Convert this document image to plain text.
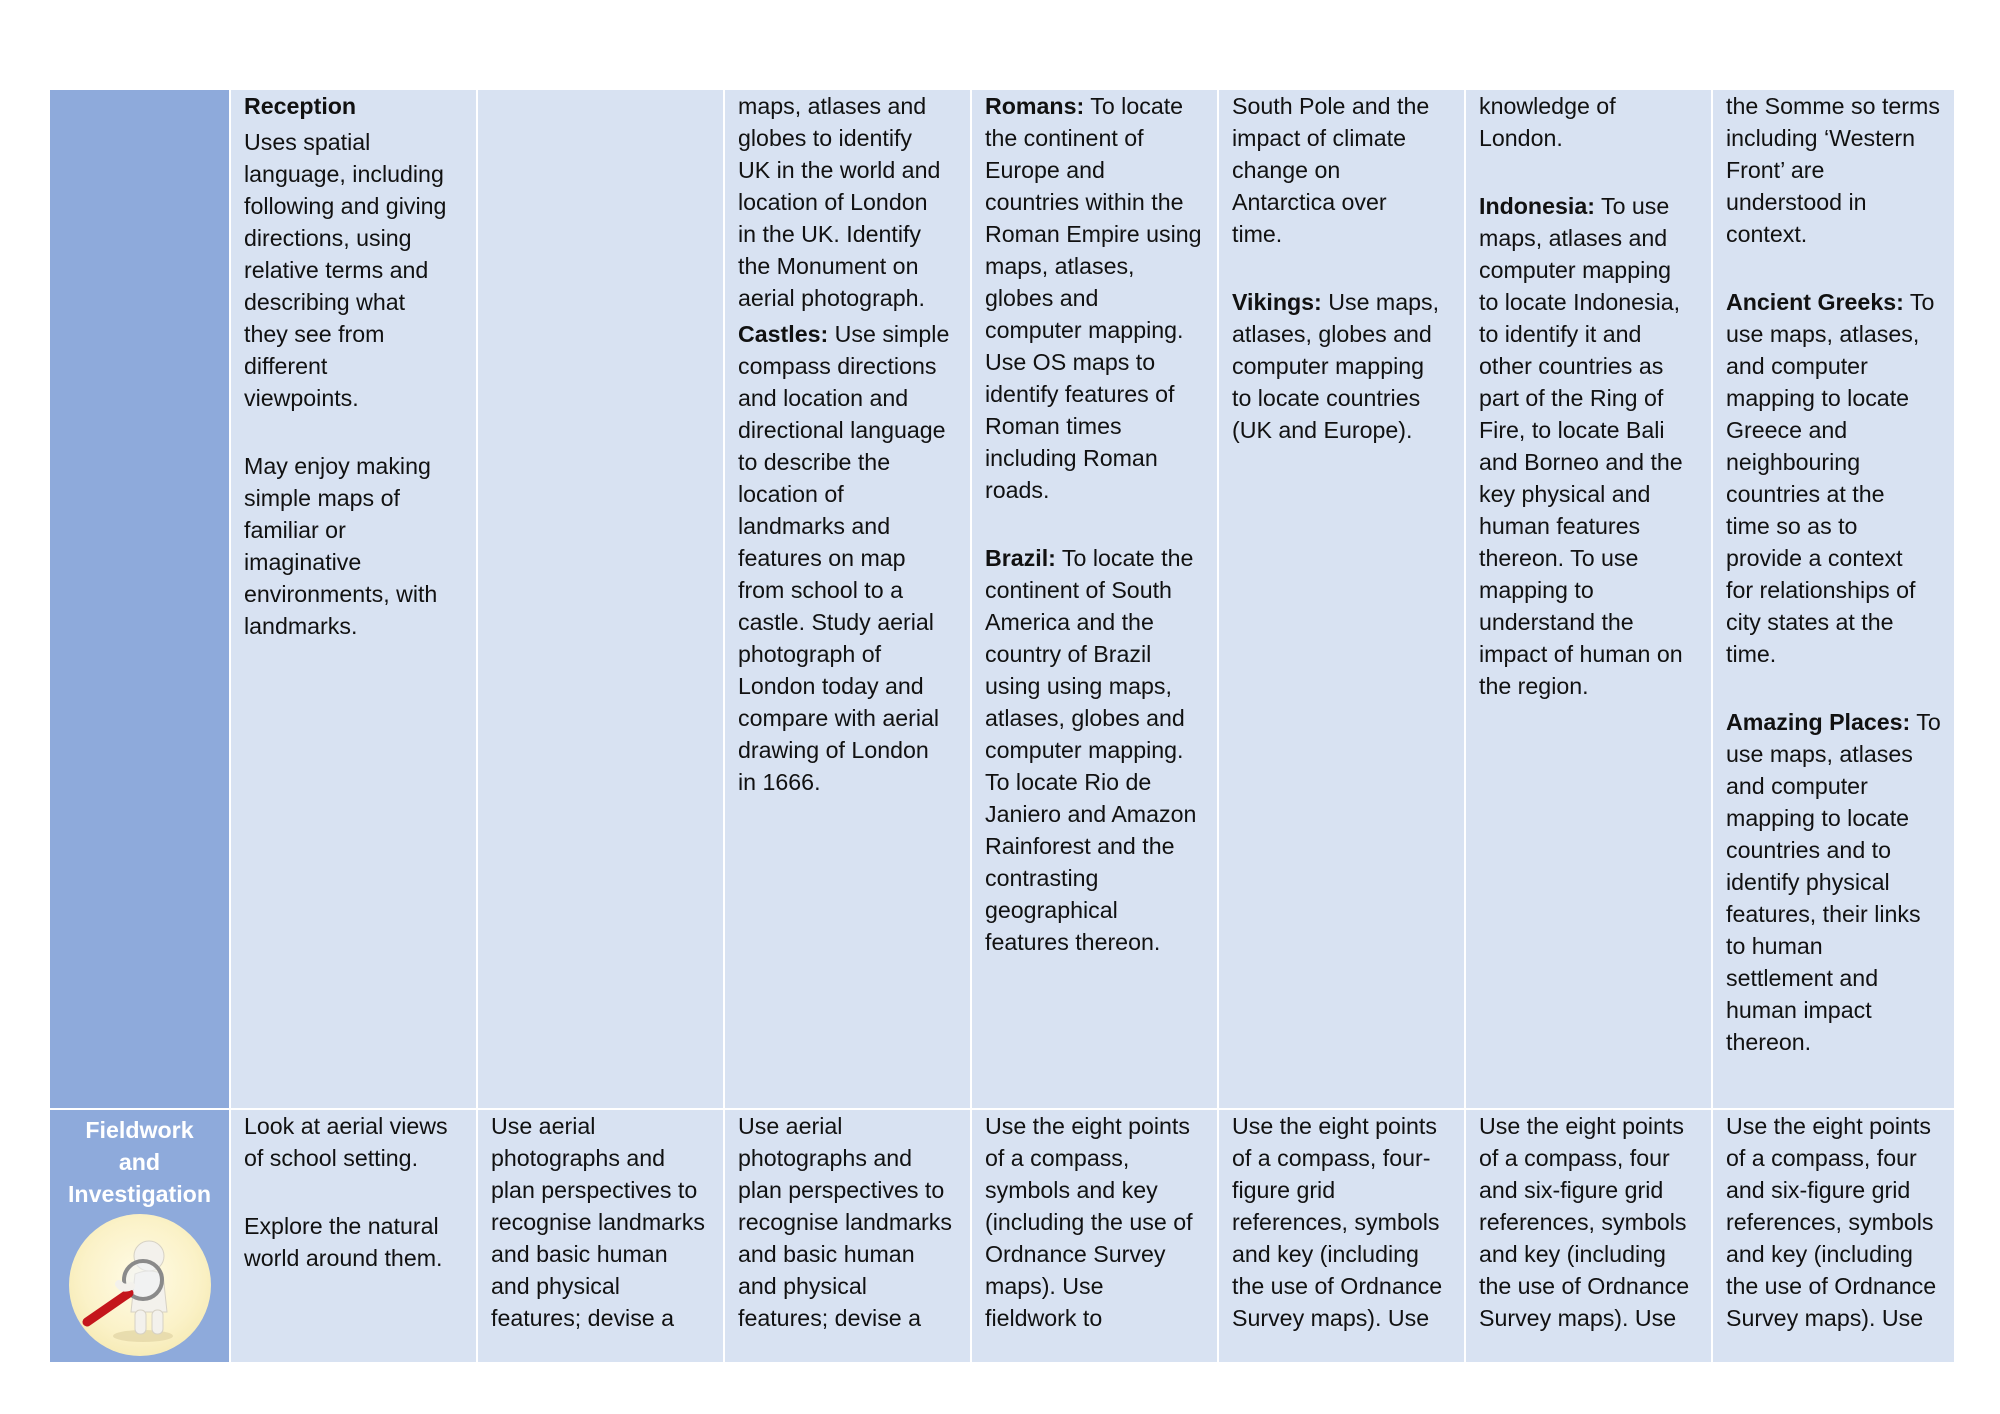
Reception

Uses spatial
language, including
following and giving
directions, using
relative terms and
describing what
they see from
different
viewpoints.

May enjoy making
simple maps of
familiar or
imaginative
environments, with
landmarks.

maps, atlases and
globes to identify
UK in the world and
location of London
in the UK. Identify
the Monument on
aerial photograph.

Castles: Use simple
compass directions
and location and
directional language
to describe the
location of
landmarks and
features on map
from school to a
castle. Study aerial
photograph of
London today and
compare with aerial
drawing of London
in 1666.

Romans: To locate
the continent of
Europe and
countries within the
Roman Empire using
maps, atlases,
globes and
computer mapping.
Use OS maps to
identify features of
Roman times
including Roman
roads.

Brazil: To locate the
continent of South
America and the
country of Brazil
using using maps,
atlases, globes and
computer mapping.
To locate Rio de
Janiero and Amazon
Rainforest and the
contrasting
geographical
features thereon.

South Pole and the
impact of climate
change on
Antarctica over
time.

Vikings: Use maps,
atlases, globes and
computer mapping
to locate countries
(UK and Europe).

knowledge of
London.

Indonesia: To use
maps, atlases and
computer mapping
to locate Indonesia,
to identify it and
other countries as
part of the Ring of
Fire, to locate Bali
and Borneo and the
key physical and
human features
thereon. To use
mapping to
understand the
impact of human on
the region.

the Somme so terms
including ‘Western
Front’ are
understood in
context.

Ancient Greeks: To
use maps, atlases,
and computer
mapping to locate
Greece and
neighbouring
countries at the
time so as to
provide a context
for relationships of
city states at the
time.

Amazing Places: To
use maps, atlases
and computer
mapping to locate
countries and to
identify physical
features, their links
to human
settlement and
human impact
thereon.

Fieldwork
and
Investigation

Look at aerial views
of school setting.

Explore the natural
world around them.

Use aerial
photographs and
plan perspectives to
recognise landmarks
and basic human
and physical
features; devise a

Use aerial
photographs and
plan perspectives to
recognise landmarks
and basic human
and physical
features; devise a

Use the eight points
of a compass,
symbols and key
(including the use of
Ordnance Survey
maps). Use
fieldwork to

Use the eight points
of a compass, four-
figure grid
references, symbols
and key (including
the use of Ordnance
Survey maps). Use

Use the eight points
of a compass, four
and six-figure grid
references, symbols
and key (including
the use of Ordnance
Survey maps). Use

Use the eight points
of a compass, four
and six-figure grid
references, symbols
and key (including
the use of Ordnance
Survey maps). Use
